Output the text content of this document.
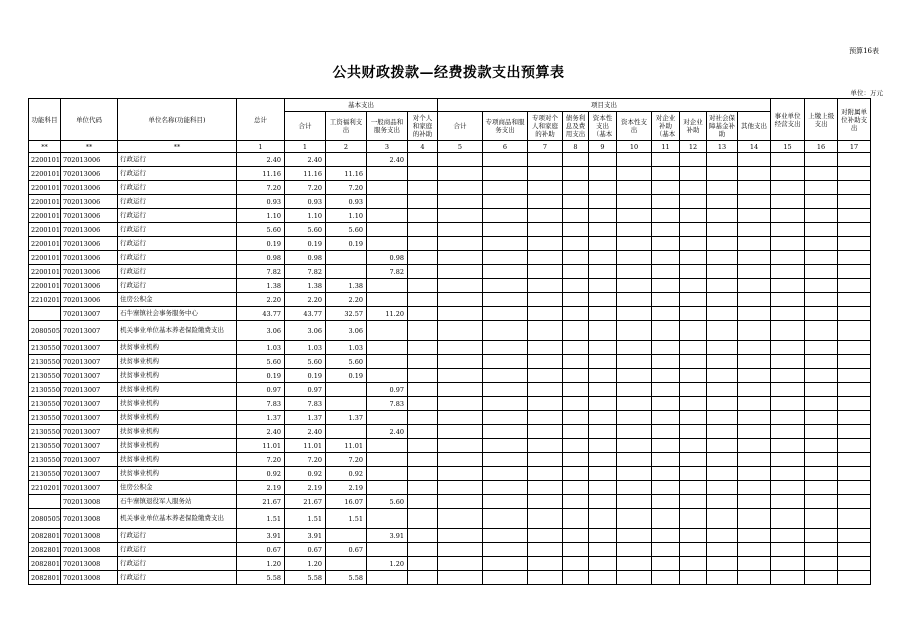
预算16表
公共财政拨款—经费拨款支出预算表
单位：万元
功能科目	单位代码	单位名称(功能科目)	总计	基本支出				项目支出										事业单位经营支出	上缴上级支出	对附属单位补助支出
				合计	工资福利支出	一般商品和服务支出	对个人和家庭的补助	合计	专项商品和服务支出	专项对个人和家庭的补助	债务利息及费用支出	资本性支出（基本	资本性支出	对企业补助（基本	对企业补助	对社会保障基金补助	其他支出			
**	**	**	1	1	2	3	4	5	6	7	8	9	10	11	12	13	14	15	16	17
2200101	702013006	行政运行	2.40	2.40		2.40														
2200101	702013006	行政运行	11.16	11.16	11.16															
2200101	702013006	行政运行	7.20	7.20	7.20															
2200101	702013006	行政运行	0.93	0.93	0.93															
2200101	702013006	行政运行	1.10	1.10	1.10															
2200101	702013006	行政运行	5.60	5.60	5.60															
2200101	702013006	行政运行	0.19	0.19	0.19															
2200101	702013006	行政运行	0.98	0.98		0.98														
2200101	702013006	行政运行	7.82	7.82		7.82														
2200101	702013006	行政运行	1.38	1.38	1.38															
2210201	702013006	住房公积金	2.20	2.20	2.20															
	702013007	石牛寨镇社会事务服务中心	43.77	43.77	32.57	11.20														
2080505	702013007	机关事业单位基本养老保险缴费支出	3.06	3.06	3.06															
2130550	702013007	扶贫事业机构	1.03	1.03	1.03															
2130550	702013007	扶贫事业机构	5.60	5.60	5.60															
2130550	702013007	扶贫事业机构	0.19	0.19	0.19															
2130550	702013007	扶贫事业机构	0.97	0.97		0.97														
2130550	702013007	扶贫事业机构	7.83	7.83		7.83														
2130550	702013007	扶贫事业机构	1.37	1.37	1.37															
2130550	702013007	扶贫事业机构	2.40	2.40		2.40														
2130550	702013007	扶贫事业机构	11.01	11.01	11.01															
2130550	702013007	扶贫事业机构	7.20	7.20	7.20															
2130550	702013007	扶贫事业机构	0.92	0.92	0.92															
2210201	702013007	住房公积金	2.19	2.19	2.19															
	702013008	石牛寨镇退役军人服务站	21.67	21.67	16.07	5.60														
2080505	702013008	机关事业单位基本养老保险缴费支出	1.51	1.51	1.51															
2082801	702013008	行政运行	3.91	3.91		3.91														
2082801	702013008	行政运行	0.67	0.67	0.67															
2082801	702013008	行政运行	1.20	1.20		1.20														
2082801	702013008	行政运行	5.58	5.58	5.58															
